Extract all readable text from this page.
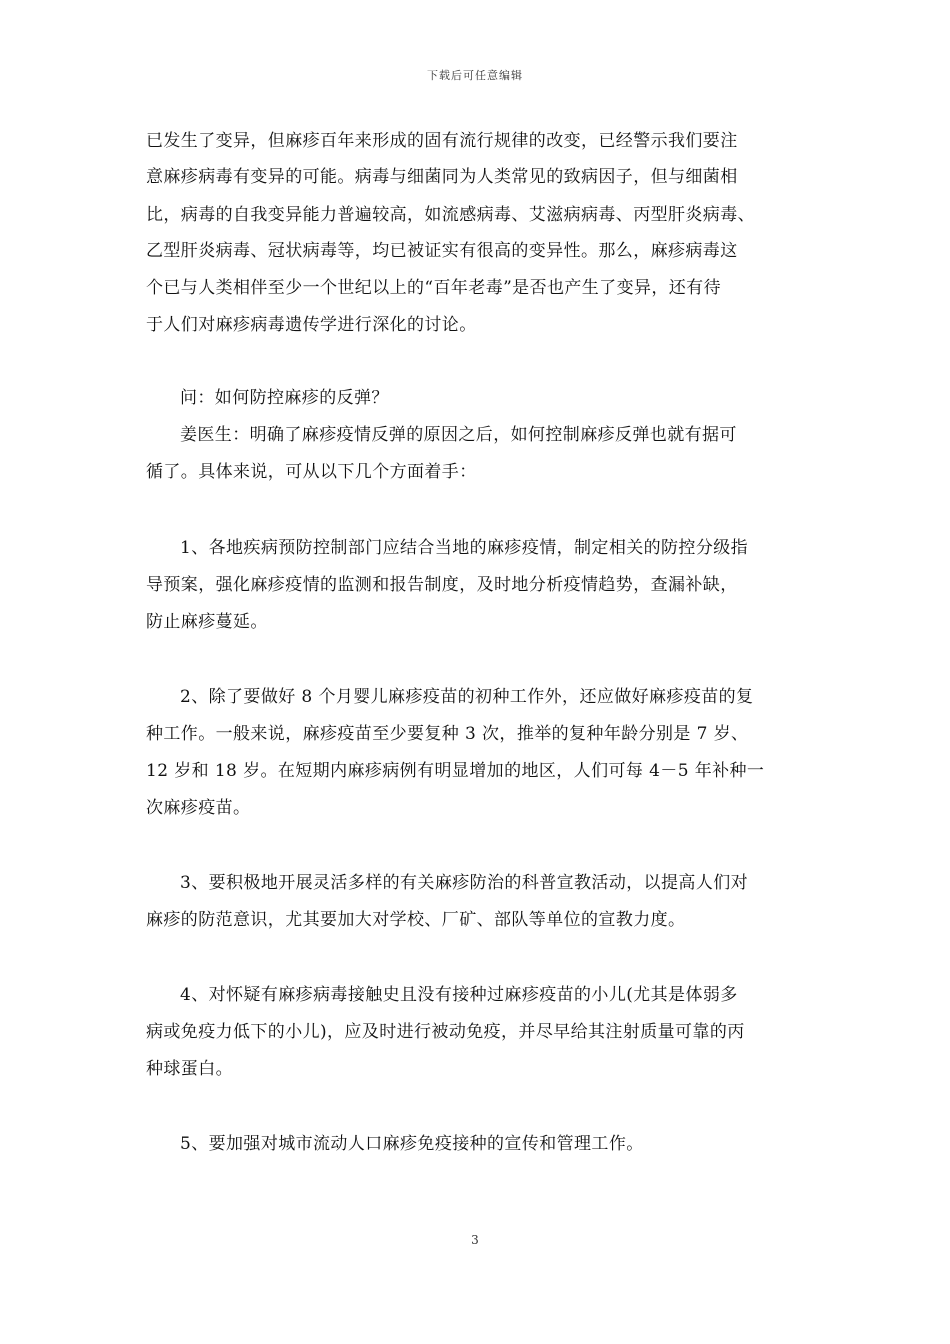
下载后可任意编辑
已发生了变异，但麻疹百年来形成的固有流行规律的改变，已经警示我们要注
意麻疹病毒有变异的可能。病毒与细菌同为人类常见的致病因子，但与细菌相
比，病毒的自我变异能力普遍较高，如流感病毒、艾滋病病毒、丙型肝炎病毒、
乙型肝炎病毒、冠状病毒等，均已被证实有很高的变异性。那么，麻疹病毒这
个已与人类相伴至少一个世纪以上的“百年老毒”是否也产生了变异，还有待
于人们对麻疹病毒遗传学进行深化的讨论。
问：如何防控麻疹的反弹？
姜医生：明确了麻疹疫情反弹的原因之后，如何控制麻疹反弹也就有据可
循了。具体来说，可从以下几个方面着手：
1、各地疾病预防控制部门应结合当地的麻疹疫情，制定相关的防控分级指
导预案，强化麻疹疫情的监测和报告制度，及时地分析疫情趋势，查漏补缺，
防止麻疹蔓延。
2、除了要做好 8 个月婴儿麻疹疫苗的初种工作外，还应做好麻疹疫苗的复
种工作。一般来说，麻疹疫苗至少要复种 3 次，推举的复种年龄分别是 7 岁、
12 岁和 18 岁。在短期内麻疹病例有明显增加的地区，人们可每 4－5 年补种一
次麻疹疫苗。
3、要积极地开展灵活多样的有关麻疹防治的科普宣教活动，以提高人们对
麻疹的防范意识，尤其要加大对学校、厂矿、部队等单位的宣教力度。
4、对怀疑有麻疹病毒接触史且没有接种过麻疹疫苗的小儿(尤其是体弱多
病或免疫力低下的小儿)，应及时进行被动免疫，并尽早给其注射质量可靠的丙
种球蛋白。
5、要加强对城市流动人口麻疹免疫接种的宣传和管理工作。
3
